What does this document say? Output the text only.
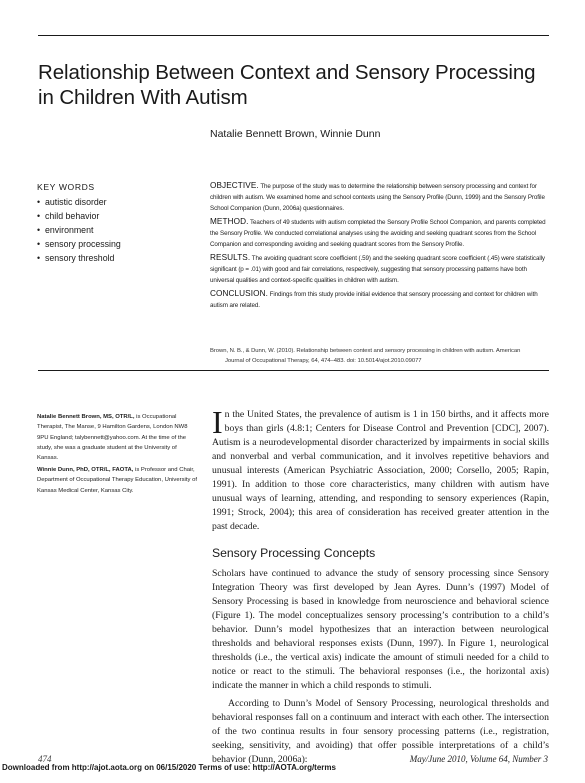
Relationship Between Context and Sensory Processing in Children With Autism
Natalie Bennett Brown, Winnie Dunn
KEY WORDS
• autistic disorder
• child behavior
• environment
• sensory processing
• sensory threshold

OBJECTIVE. The purpose of the study was to determine the relationship between sensory processing and context for children with autism. We examined home and school contexts using the Sensory Profile (Dunn, 1999) and the Sensory Profile School Companion (Dunn, 2006a) questionnaires.

METHOD. Teachers of 49 students with autism completed the Sensory Profile School Companion, and parents completed the Sensory Profile. We conducted correlational analyses using the avoiding and seeking quadrant scores from the School Companion and corresponding avoiding and seeking quadrant scores from the Sensory Profile.

RESULTS. The avoiding quadrant score coefficient (.59) and the seeking quadrant score coefficient (.45) were statistically significant (p = .01) with good and fair correlations, respectively, suggesting that sensory processing patterns have both universal qualities and context-specific qualities in children with autism.

CONCLUSION. Findings from this study provide initial evidence that sensory processing and context for children with autism are related.

Brown, N. B., & Dunn, W. (2010). Relationship between context and sensory processing in children with autism. American
Journal of Occupational Therapy, 64, 474–483. doi: 10.5014/ajot.2010.09077
Natalie Bennett Brown, MS, OTR/L, is Occupational Therapist, The Manse, 9 Hamilton Gardens, London NW8 9PU England; talybennett@yahoo.com. At the time of the study, she was a graduate student at the University of Kansas.
Winnie Dunn, PhD, OTR/L, FAOTA, is Professor and Chair, Department of Occupational Therapy Education, University of Kansas Medical Center, Kansas City.

In the United States, the prevalence of autism is 1 in 150 births, and it affects more boys than girls (4.8:1; Centers for Disease Control and Prevention [CDC], 2007). Autism is a neurodevelopmental disorder characterized by impairments in social skills and nonverbal and verbal communication, and it involves repetitive behaviors and unusual interests (American Psychiatric Association, 2000; Corsello, 2005; Rapin, 1991). In addition to those core characteristics, many children with autism have unusual ways of learning, attending, and responding to sensory experiences (Rapin, 1991; Strock, 2004); this area of consideration has received greater attention in the past decade.

Sensory Processing Concepts

Scholars have continued to advance the study of sensory processing since Sensory Integration Theory was first developed by Jean Ayres. Dunn’s (1997) Model of Sensory Processing is based in knowledge from neuroscience and behavioral science (Figure 1). The model conceptualizes sensory processing’s contribution to a child’s behavior. Dunn’s model hypothesizes that an interaction between neurological thresholds and behavioral responses exists (Dunn, 1997). In Figure 1, neurological thresholds (i.e., the vertical axis) indicate the amount of stimuli needed for a child to notice or react to the stimuli. The behavioral responses (i.e., the horizontal axis) indicate the manner in which a child responds to stimuli.

According to Dunn’s Model of Sensory Processing, neurological thresholds and behavioral responses fall on a continuum and interact with each other. The intersection of the two continua results in four sensory processing patterns (i.e., registration, seeking, sensitivity, and avoiding) that offer possible interpretations of a child’s behavior (Dunn, 2006a):

474	May/June 2010, Volume 64, Number 3
Downloaded from http://ajot.aota.org on 06/15/2020 Terms of use: http://AOTA.org/terms
